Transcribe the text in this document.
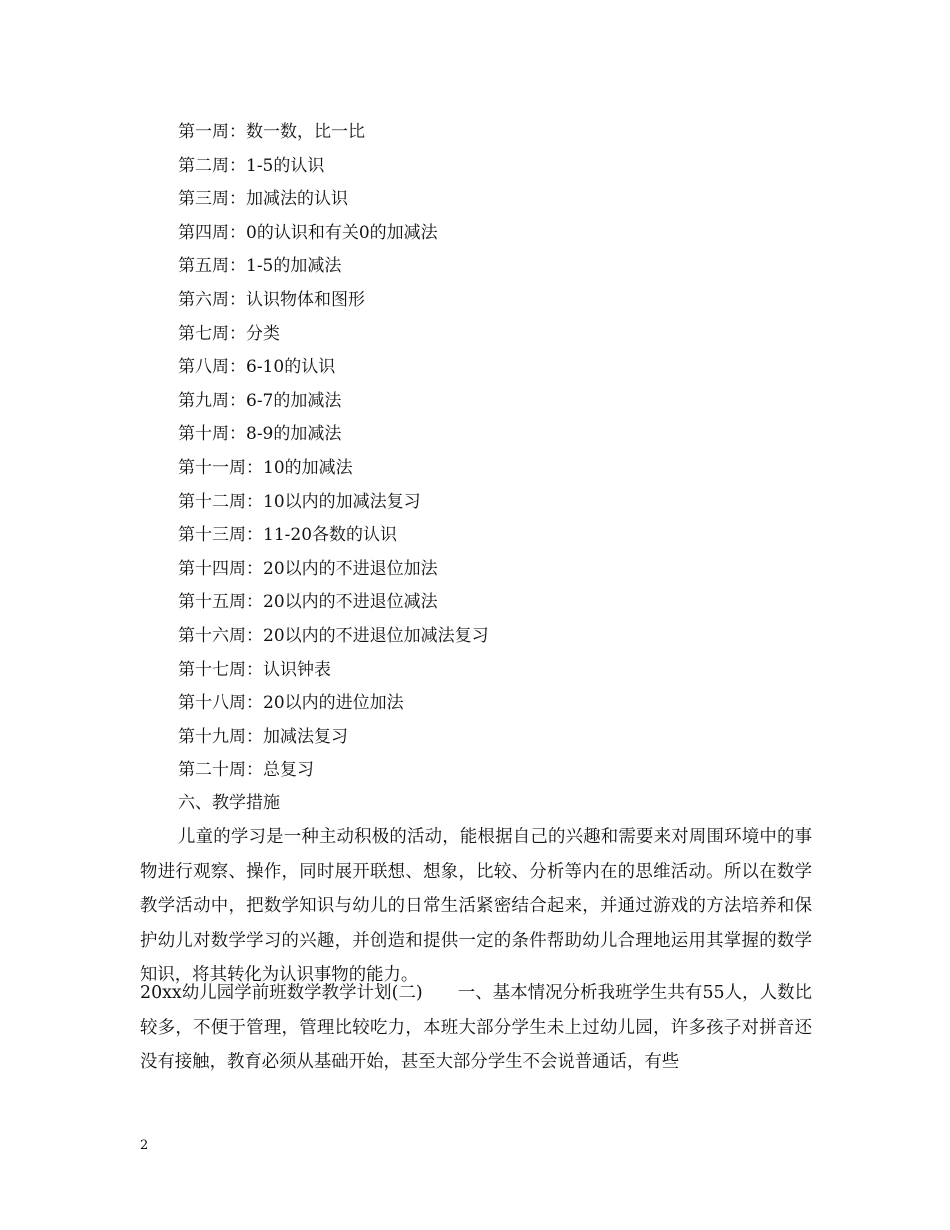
第一周：数一数，比一比
第二周：1-5的认识
第三周：加减法的认识
第四周：0的认识和有关0的加减法
第五周：1-5的加减法
第六周：认识物体和图形
第七周：分类
第八周：6-10的认识
第九周：6-7的加减法
第十周：8-9的加减法
第十一周：10的加减法
第十二周：10以内的加减法复习
第十三周：11-20各数的认识
第十四周：20以内的不进退位加法
第十五周：20以内的不进退位减法
第十六周：20以内的不进退位加减法复习
第十七周：认识钟表
第十八周：20以内的进位加法
第十九周：加减法复习
第二十周：总复习
六、教学措施

儿童的学习是一种主动积极的活动，能根据自己的兴趣和需要来对周围环境中的事物进行观察、操作，同时展开联想、想象，比较、分析等内在的思维活动。所以在数学教学活动中，把数学知识与幼儿的日常生活紧密结合起来，并通过游戏的方法培养和保护幼儿对数学学习的兴趣，并创造和提供一定的条件帮助幼儿合理地运用其掌握的数学知识，将其转化为认识事物的能力。

20xx幼儿园学前班数学教学计划(二)　　一、基本情况分析我班学生共有55人，人数比较多，不便于管理，管理比较吃力，本班大部分学生未上过幼儿园，许多孩子对拼音还没有接触，教育必须从基础开始，甚至大部分学生不会说普通话，有些

2
